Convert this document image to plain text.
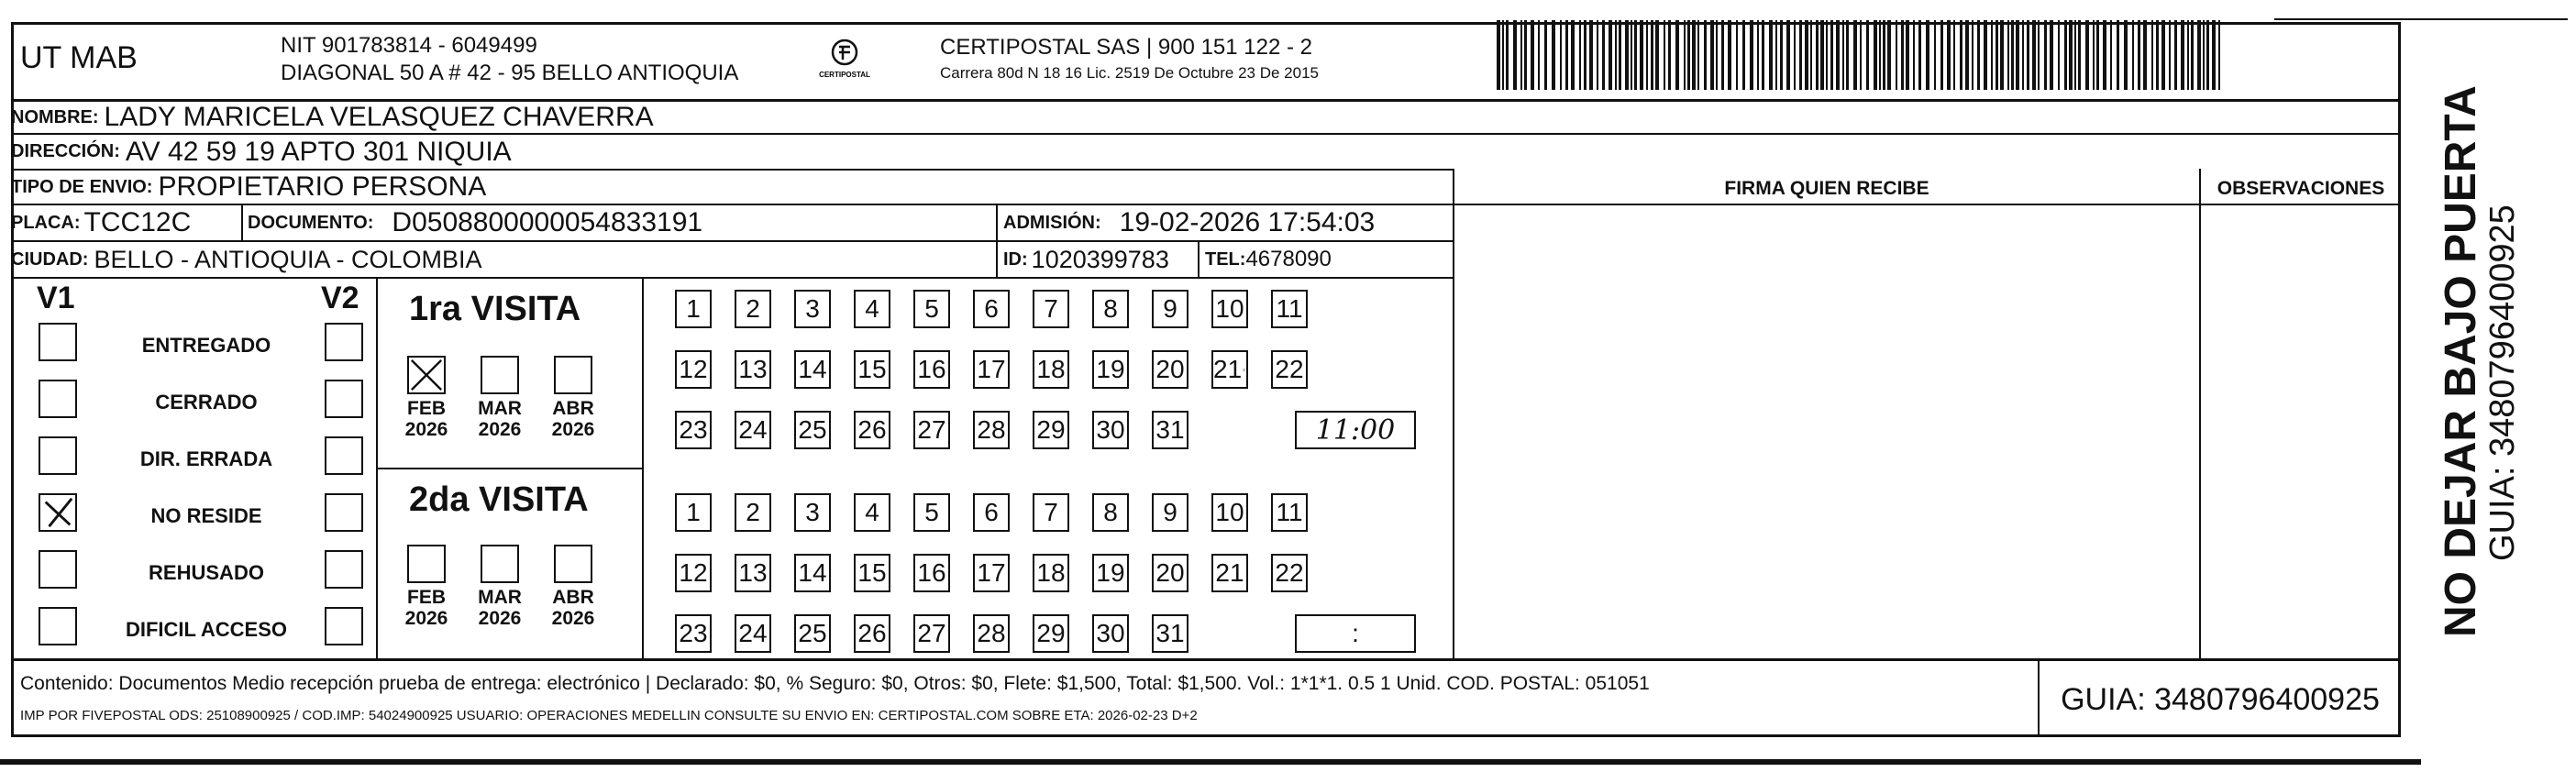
UT MAB	NIT 901783814 - 6049499
DIAGONAL 50 A # 42 - 95 BELLO ANTIOQUIA	CERTIPOSTAL
CERTIPOSTAL SAS | 900 151 122 - 2
Carrera 80d N 18 16 Lic. 2519 De Octubre 23 De 2015
NOMBRE: LADY MARICELA VELASQUEZ CHAVERRA
DIRECCIÓN: AV 42 59 19 APTO 301 NIQUIA
TIPO DE ENVIO: PROPIETARIO PERSONA
PLACA: TCC12C	DOCUMENTO: D0508800000054833191	ADMISIÓN: 19-02-2026 17:54:03
CIUDAD: BELLO - ANTIOQUIA - COLOMBIA	ID: 1020399783 TEL: 4678090
FIRMA QUIEN RECIBE	OBSERVACIONES
V1	V2
ENTREGADO
CERRADO
DIR. ERRADA
NO RESIDE
REHUSADO
DIFICIL ACCESO
1ra VISITA
2da VISITA
FEB
2026
MAR
2026
ABR
2026
FEB
2026
MAR
2026
ABR
2026
1 2 3 4 5 6 7 8 9 10 11
12 13 14 15 16 17 18 19 20 21 22
23 24 25 26 27 28 29 30 31	11:00
1 2 3 4 5 6 7 8 9 10 11
12 13 14 15 16 17 18 19 20 21 22
23 24 25 26 27 28 29 30 31	:
Contenido: Documentos Medio recepción prueba de entrega: electrónico | Declarado: $0, % Seguro: $0, Otros: $0, Flete: $1,500, Total: $1,500. Vol.: 1*1*1. 0.5 1 Unid. COD. POSTAL: 051051
IMP POR FIVEPOSTAL ODS: 25108900925 / COD.IMP: 54024900925 USUARIO: OPERACIONES MEDELLIN CONSULTE SU ENVIO EN: CERTIPOSTAL.COM SOBRE ETA: 2026-02-23 D+2	GUIA: 3480796400925
NO DEJAR BAJO PUERTA
GUIA: 3480796400925
